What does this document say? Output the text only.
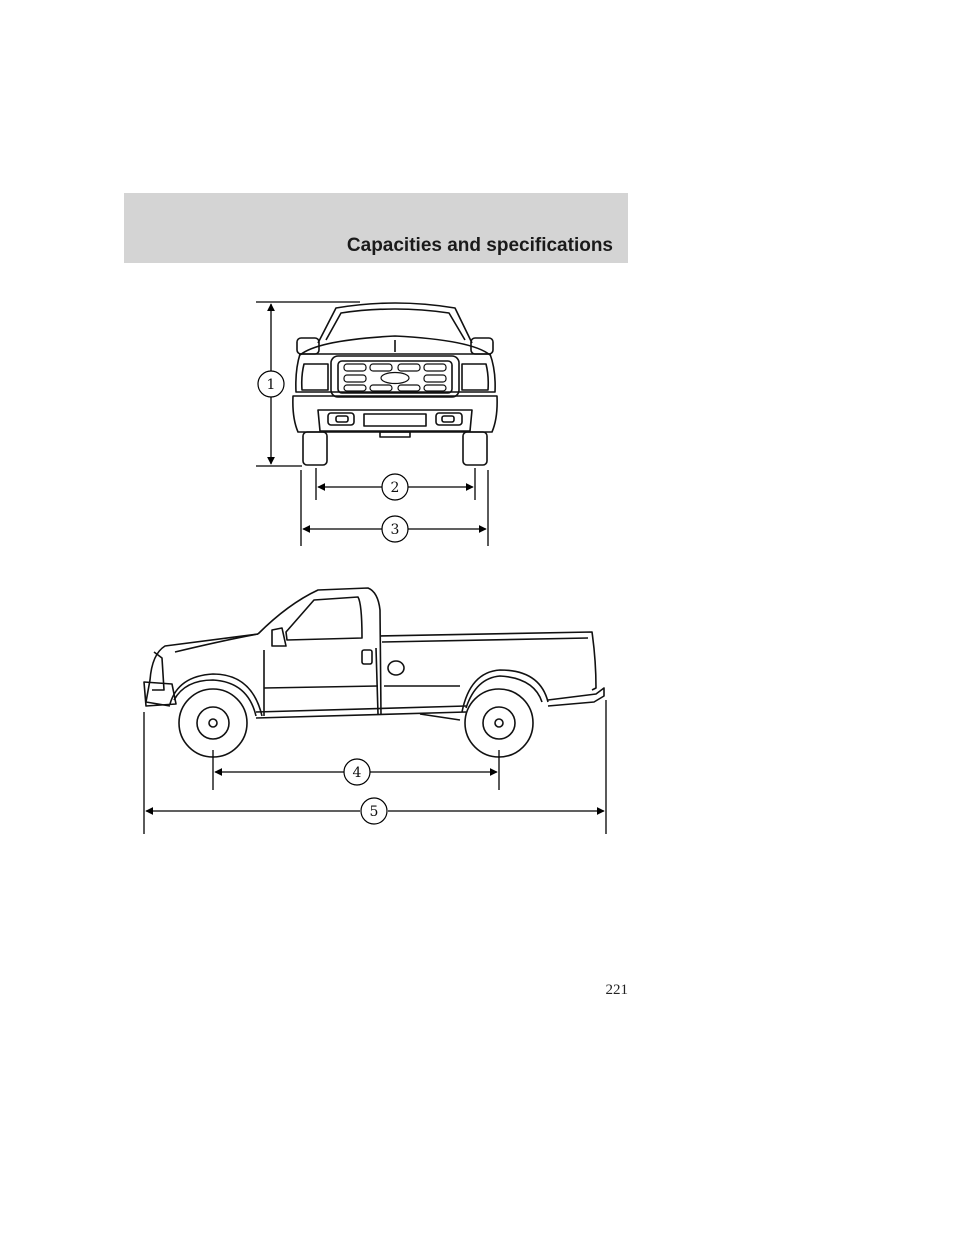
Capacities and specifications
1
2
3
4
5
221
